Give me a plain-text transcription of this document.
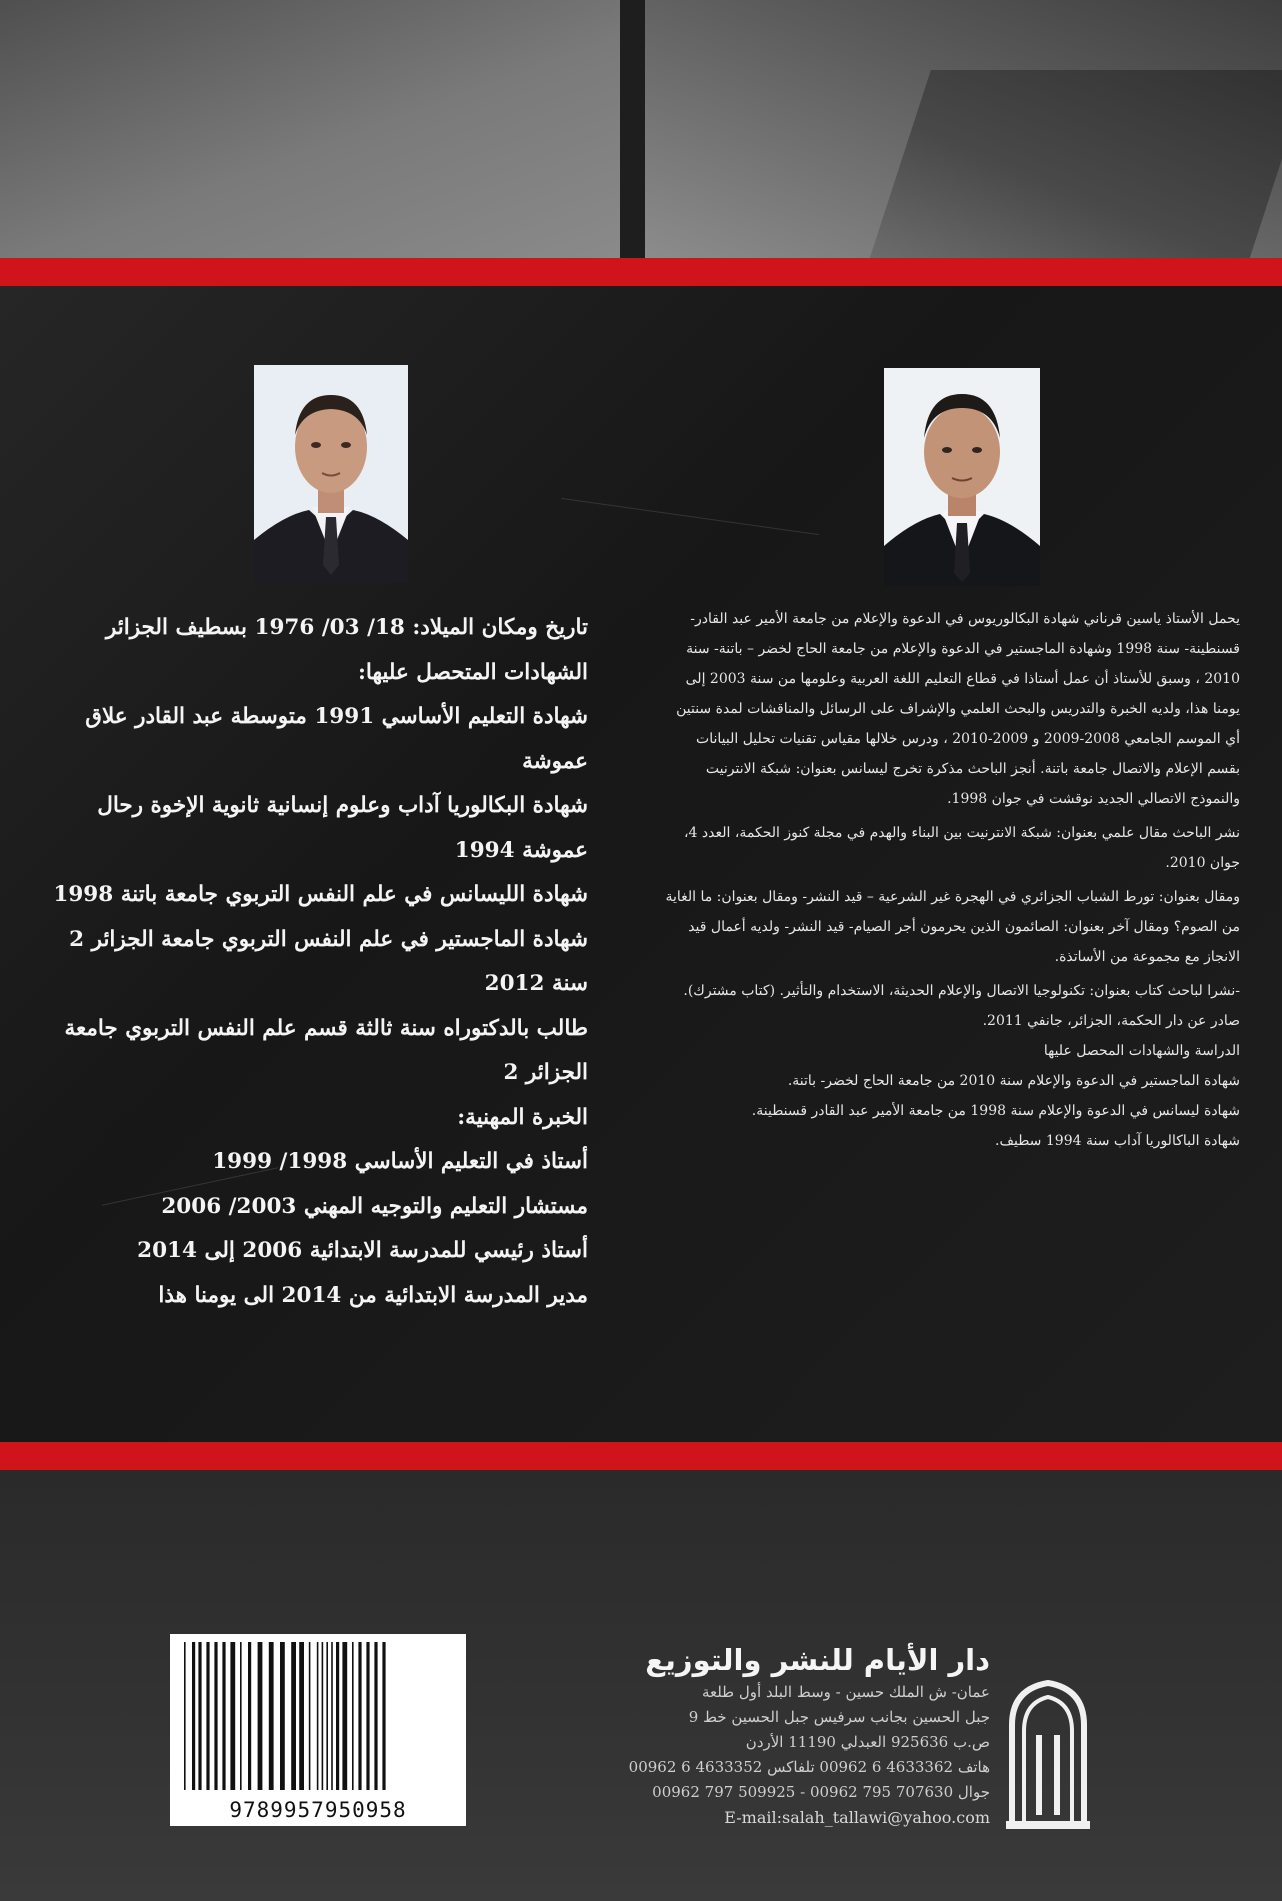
تاريخ ومكان الميلاد: 18/ 03/ 1976 بسطيف الجزائر
الشهادات المتحصل عليها:
شهادة التعليم الأساسي 1991 متوسطة عبد القادر علاق
عموشة
شهادة البكالوريا آداب وعلوم إنسانية ثانوية الإخوة رحال
عموشة 1994
شهادة الليسانس في علم النفس التربوي جامعة باتنة 1998
شهادة الماجستير في علم النفس التربوي جامعة الجزائر 2
سنة 2012
طالب بالدكتوراه سنة ثالثة قسم علم النفس التربوي جامعة
الجزائر 2
الخبرة المهنية:
أستاذ في التعليم الأساسي 1998/ 1999
مستشار التعليم والتوجيه المهني 2003/ 2006
أستاذ رئيسي للمدرسة الابتدائية 2006 إلى 2014
مدير المدرسة الابتدائية من 2014 الى يومنا هذا

يحمل الأستاذ ياسين قرناني شهادة البكالوريوس في الدعوة والإعلام من جامعة الأمير عبد القادر- قسنطينة- سنة 1998 وشهادة الماجستير في الدعوة والإعلام من جامعة الحاج لخضر – باتنة- سنة 2010 ، وسبق للأستاذ أن عمل أستاذا في قطاع التعليم اللغة العربية وعلومها من سنة 2003 إلى يومنا هذا، ولديه الخبرة والتدريس والبحث العلمي والإشراف على الرسائل والمناقشات لمدة سنتين أي الموسم الجامعي 2008-2009 و 2009-2010 ، ودرس خلالها مقياس تقنيات تحليل البيانات بقسم الإعلام والاتصال جامعة باتنة. أنجز الباحث مذكرة تخرج ليسانس بعنوان: شبكة الانترنيت والنموذج الاتصالي الجديد نوقشت في جوان 1998.

نشر الباحث مقال علمي بعنوان: شبكة الانترنيت بين البناء والهدم في مجلة كنوز الحكمة، العدد 4، جوان 2010.

ومقال بعنوان: تورط الشباب الجزائري في الهجرة غير الشرعية – قيد النشر- ومقال بعنوان: ما الغاية من الصوم؟ ومقال آخر بعنوان: الصائمون الذين يحرمون أجر الصيام- قيد النشر- ولديه أعمال قيد الانجاز مع مجموعة من الأساتذة.

-نشرا لباحث كتاب بعنوان: تكنولوجيا الاتصال والإعلام الحديثة، الاستخدام والتأثير. (كتاب مشترك). صادر عن دار الحكمة، الجزائر، جانفي 2011.

الدراسة والشهادات المحصل عليها

شهادة الماجستير في الدعوة والإعلام سنة 2010 من جامعة الحاج لخضر- باتنة.

شهادة ليسانس في الدعوة والإعلام سنة 1998 من جامعة الأمير عبد القادر قسنطينة.

شهادة الباكالوريا آداب سنة 1994 سطيف.

9789957950958
دار الأيام للنشر والتوزيع
عمان- ش الملك حسين - وسط البلد أول طلعة
جبل الحسين بجانب سرفيس جبل الحسين خط 9
ص.ب 925636 العبدلي 11190 الأردن
هاتف 4633362 6 00962 تلفاكس 4633352 6 00962
جوال 707630 795 00962 - 509925 797 00962
E-mail:salah_tallawi@yahoo.com
